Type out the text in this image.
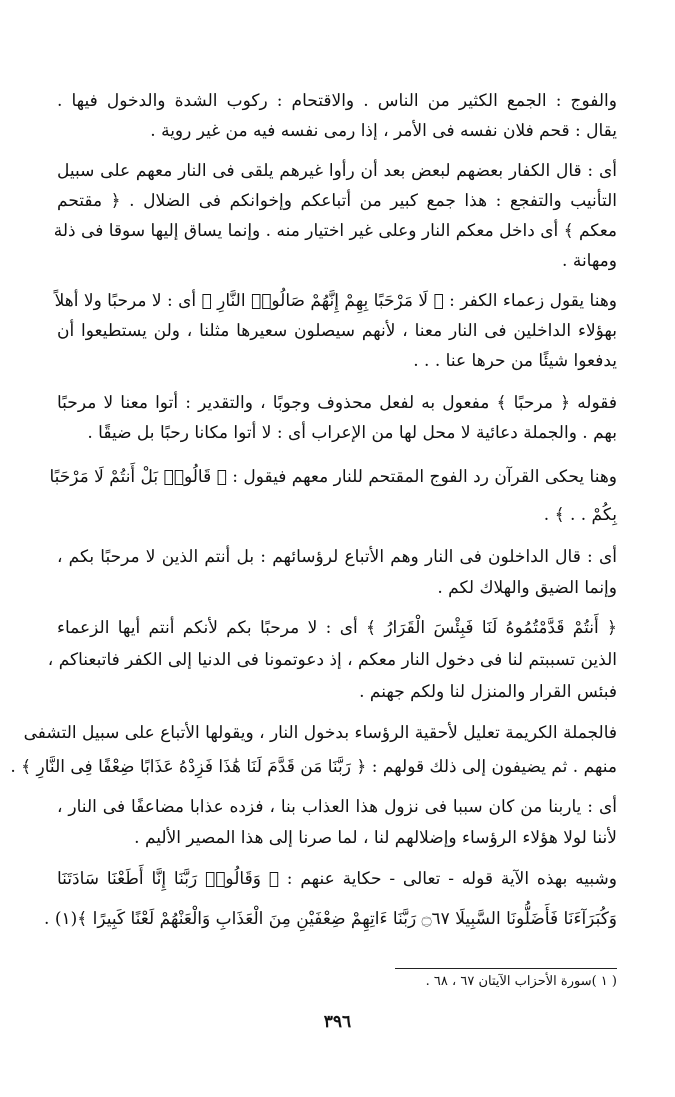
والفوج : الجمع الكثير من الناس . والاقتحام : ركوب الشدة والدخول فيها .
يقال : قحم فلان نفسه فى الأمر ، إذا رمى نفسه فيه من غير روية .
أى : قال الكفار بعضهم لبعض بعد أن رأوا غيرهم يلقى فى النار معهم على سبيل
التأنيب والتفجع : هذا جمع كبير من أتباعكم وإخوانكم فى الضلال . ﴿ مقتحم
معكم ﴾ أى داخل معكم النار وعلى غير اختيار منه . وإنما يساق إليها سوقا فى ذلة
ومهانة .
وهنا يقول زعماء الكفر : ﴿ لَا مَرْحَبًا بِهِمْ إِنَّهُمْ صَالُوا۟ النَّارِ ﴾ أى : لا مرحبًا ولا أهلاً
بهؤلاء الداخلين فى النار معنا ، لأنهم سيصلون سعيرها مثلنا ، ولن يستطيعوا أن
يدفعوا شيئًا من حرها عنا . . .
فقوله ﴿ مرحبًا ﴾ مفعول به لفعل محذوف وجوبًا ، والتقدير : أتوا معنا لا مرحبًا
بهم . والجملة دعائية لا محل لها من الإعراب أى : لا أتوا مكانا رحبًا بل ضيقًا .
وهنا يحكى القرآن رد الفوج المقتحم للنار معهم فيقول : ﴿ قَالُوا۟ بَلْ أَنتُمْ لَا مَرْحَبًا
بِكُمْ . . ﴾ .
أى : قال الداخلون فى النار وهم الأتباع لرؤسائهم : بل أنتم الذين لا مرحبًا بكم ،
وإنما الضيق والهلاك لكم .
﴿ أَنتُمْ قَدَّمْتُمُوهُ لَنَا فَبِئْسَ الْقَرَارُ ﴾ أى : لا مرحبًا بكم لأنكم أنتم أيها الزعماء
الذين تسببتم لنا فى دخول النار معكم ، إذ دعوتمونا فى الدنيا إلى الكفر فاتبعناكم ،
فبئس القرار والمنزل لنا ولكم جهنم .
فالجملة الكريمة تعليل لأحقية الرؤساء بدخول النار ، ويقولها الأتباع على سبيل التشفى
منهم . ثم يضيفون إلى ذلك قولهم : ﴿ رَبَّنَا مَن قَدَّمَ لَنَا هَٰذَا فَزِدْهُ عَذَابًا ضِعْفًا فِى النَّارِ ﴾ .
أى : ياربنا من كان سببا فى نزول هذا العذاب بنا ، فزده عذابا مضاعفًا فى النار ،
لأننا لولا هؤلاء الرؤساء وإضلالهم لنا ، لما صرنا إلى هذا المصير الأليم .
وشبيه بهذه الآية قوله - تعالى - حكاية عنهم : ﴿ وَقَالُوا۟ رَبَّنَا إِنَّا أَطَعْنَا سَادَتَنَا
وَكُبَرَآءَنَا فَأَضَلُّونَا السَّبِيلَا ۝٦٧ رَبَّنَا ءَاتِهِمْ ضِعْفَيْنِ مِنَ الْعَذَابِ وَالْعَنْهُمْ لَعْنًا كَبِيرًا ﴾(١) .
( ١ )سورة الأحزاب الآيتان ٦٧ ، ٦٨ .
٣٩٦
